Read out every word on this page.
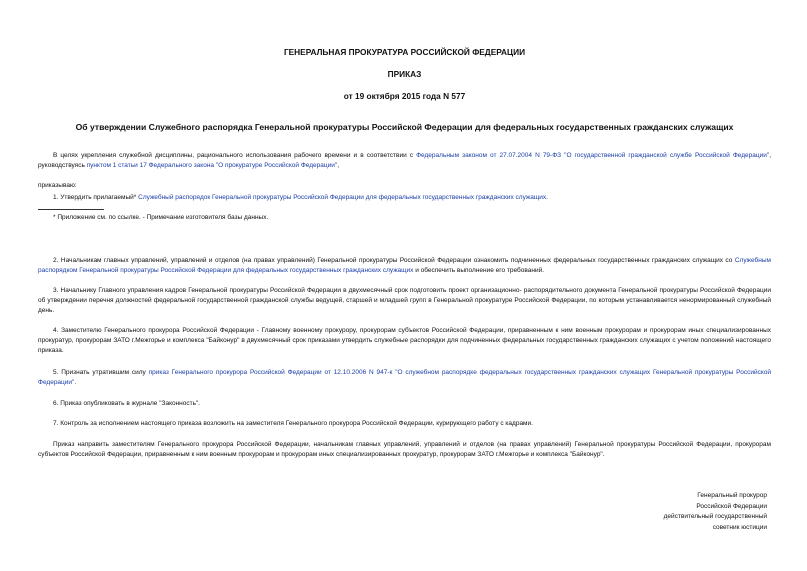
ГЕНЕРАЛЬНАЯ ПРОКУРАТУРА РОССИЙСКОЙ ФЕДЕРАЦИИ
ПРИКАЗ
от 19 октября 2015 года N 577
Об утверждении Служебного распорядка Генеральной прокуратуры Российской Федерации для федеральных государственных гражданских служащих
В целях укрепления служебной дисциплины, рационального использования рабочего времени и в соответствии с Федеральным законом от 27.07.2004 N 79-ФЗ "О государственной гражданской службе Российской Федерации", руководствуясь пунктом 1 статьи 17 Федерального закона "О прокуратуре Российской Федерации",
приказываю:
1. Утвердить прилагаемый* Служебный распорядок Генеральной прокуратуры Российской Федерации для федеральных государственных гражданских служащих.
* Приложение см. по ссылке. - Примечание изготовителя базы данных.
2. Начальникам главных управлений, управлений и отделов (на правах управлений) Генеральной прокуратуры Российской Федерации ознакомить подчиненных федеральных государственных гражданских служащих со Служебным распорядком Генеральной прокуратуры Российской Федерации для федеральных государственных гражданских служащих и обеспечить выполнение его требований.
3. Начальнику Главного управления кадров Генеральной прокуратуры Российской Федерации в двухмесячный срок подготовить проект организационно- распорядительного документа Генеральной прокуратуры Российской Федерации об утверждении перечня должностей федеральной государственной гражданской службы ведущей, старшей и младшей групп в Генеральной прокуратуре Российской Федерации, по которым устанавливается ненормированный служебный день.
4. Заместителю Генерального прокурора Российской Федерации - Главному военному прокурору, прокурорам субъектов Российской Федерации, приравненным к ним военным прокурорам и прокурорам иных специализированных прокуратур, прокурорам ЗАТО г.Межгорье и комплекса "Байконур" в двухмесячный срок приказами утвердить служебные распорядки для подчиненных федеральных государственных гражданских служащих с учетом положений настоящего приказа.
5. Признать утратившим силу приказ Генерального прокурора Российской Федерации от 12.10.2006 N 947-к "О служебном распорядке федеральных государственных гражданских служащих Генеральной прокуратуры Российской Федерации".
6. Приказ опубликовать в журнале "Законность".
7. Контроль за исполнением настоящего приказа возложить на заместителя Генерального прокурора Российской Федерации, курирующего работу с кадрами.
Приказ направить заместителям Генерального прокурора Российской Федерации, начальникам главных управлений, управлений и отделов (на правах управлений) Генеральной прокуратуры Российской Федерации, прокурорам субъектов Российской Федерации, приравненным к ним военным прокурорам и прокурорам иных специализированных прокуратур, прокурорам ЗАТО г.Межгорье и комплекса "Байконур".
Генеральный прокурор
Российской Федерации
действительный государственный
советник юстиции
